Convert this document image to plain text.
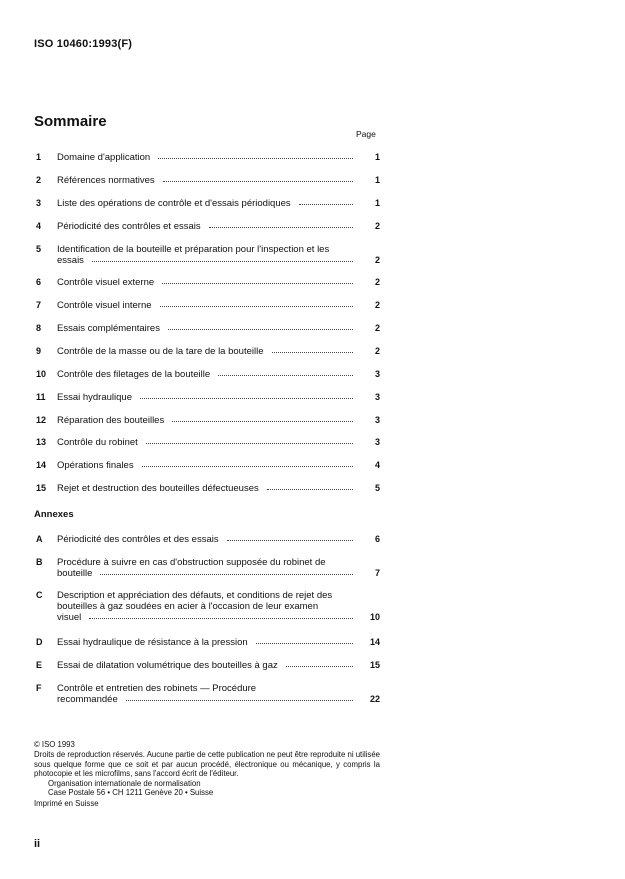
ISO 10460:1993(F)
Sommaire
Page
1	Domaine d'application	1
2	Références normatives	1
3	Liste des opérations de contrôle et d'essais périodiques	1
4	Périodicité des contrôles et essais	2
5	Identification de la bouteille et préparation pour l'inspection et les
essais	2
6	Contrôle visuel externe	2
7	Contrôle visuel interne	2
8	Essais complémentaires	2
9	Contrôle de la masse ou de la tare de la bouteille	2
10	Contrôle des filetages de la bouteille	3
11	Essai hydraulique	3
12	Réparation des bouteilles	3
13	Contrôle du robinet	3
14	Opérations finales	4
15	Rejet et destruction des bouteilles défectueuses	5
Annexes
A	Périodicité des contrôles et des essais	6
B	Procédure à suivre en cas d'obstruction supposée du robinet de
bouteille	7
C	Description et appréciation des défauts, et conditions de rejet des
bouteilles à gaz soudées en acier à l'occasion de leur examen
visuel	10
D	Essai hydraulique de résistance à la pression	14
E	Essai de dilatation volumétrique des bouteilles à gaz	15
F	Contrôle et entretien des robinets — Procédure
recommandée	22
© ISO 1993
Droits de reproduction réservés. Aucune partie de cette publication ne peut être reproduite ni utilisée sous quelque forme que ce soit et par aucun procédé, électronique ou mécanique, y compris la photocopie et les microfilms, sans l'accord écrit de l'éditeur.
Organisation internationale de normalisation
Case Postale 56 • CH 1211 Genève 20 • Suisse
Imprimé en Suisse
ii
